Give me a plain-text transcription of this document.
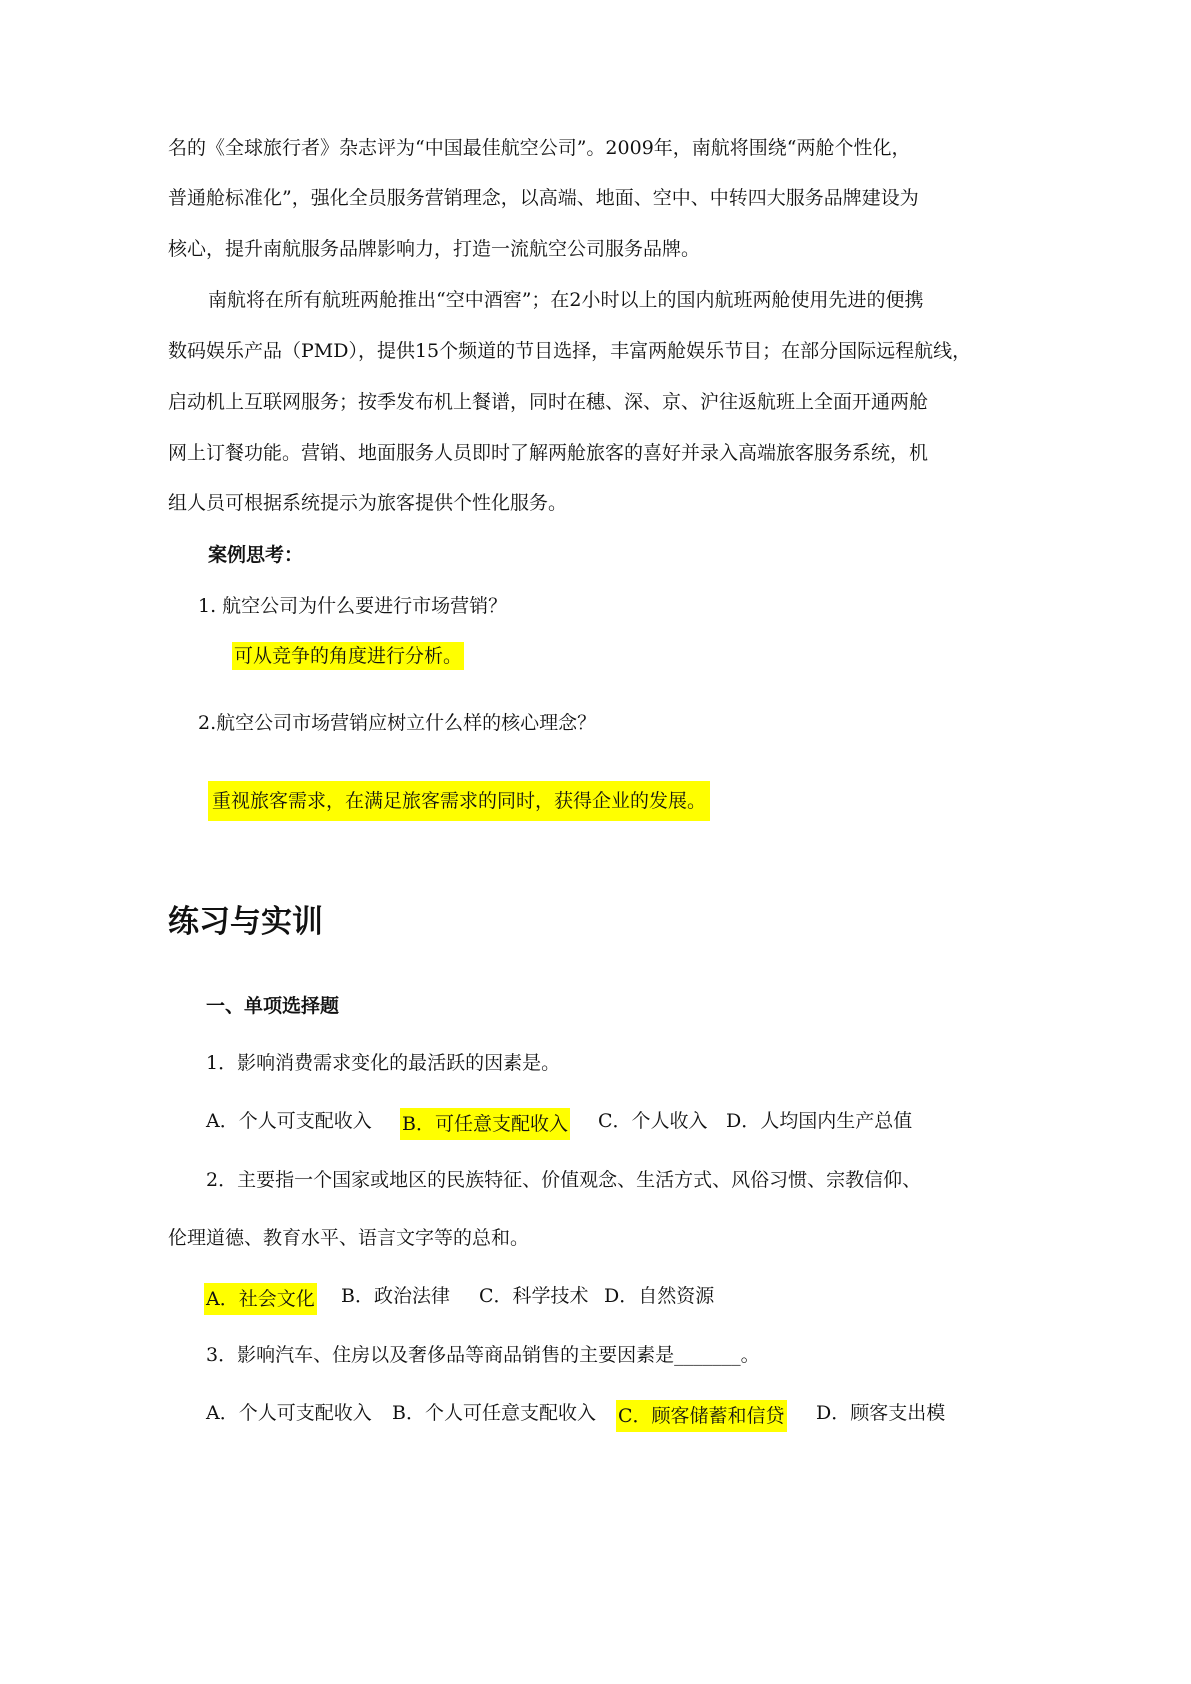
名的《全球旅行者》杂志评为“中国最佳航空公司”。2009年，南航将围绕“两舱个性化，
普通舱标准化”，强化全员服务营销理念，以高端、地面、空中、中转四大服务品牌建设为
核心，提升南航服务品牌影响力，打造一流航空公司服务品牌。
南航将在所有航班两舱推出“空中酒窖”；在2小时以上的国内航班两舱使用先进的便携
数码娱乐产品（PMD），提供15个频道的节目选择，丰富两舱娱乐节目；在部分国际远程航线，
启动机上互联网服务；按季发布机上餐谱，同时在穗、深、京、沪往返航班上全面开通两舱
网上订餐功能。营销、地面服务人员即时了解两舱旅客的喜好并录入高端旅客服务系统，机
组人员可根据系统提示为旅客提供个性化服务。
案例思考：
1. 航空公司为什么要进行市场营销？
可从竞争的角度进行分析。
2.航空公司市场营销应树立什么样的核心理念？
重视旅客需求，在满足旅客需求的同时，获得企业的发展。
练习与实训
一、单项选择题
1．影响消费需求变化的最活跃的因素是。
A．个人可支配收入 B．可任意支配收入 C．个人收入 D．人均国内生产总值
2．主要指一个国家或地区的民族特征、价值观念、生活方式、风俗习惯、宗教信仰、
伦理道德、教育水平、语言文字等的总和。
A．社会文化 B．政治法律 C．科学技术 D．自然资源
3．影响汽车、住房以及奢侈品等商品销售的主要因素是_______。
A．个人可支配收入 B．个人可任意支配收入 C．顾客储蓄和信贷 D．顾客支出模
